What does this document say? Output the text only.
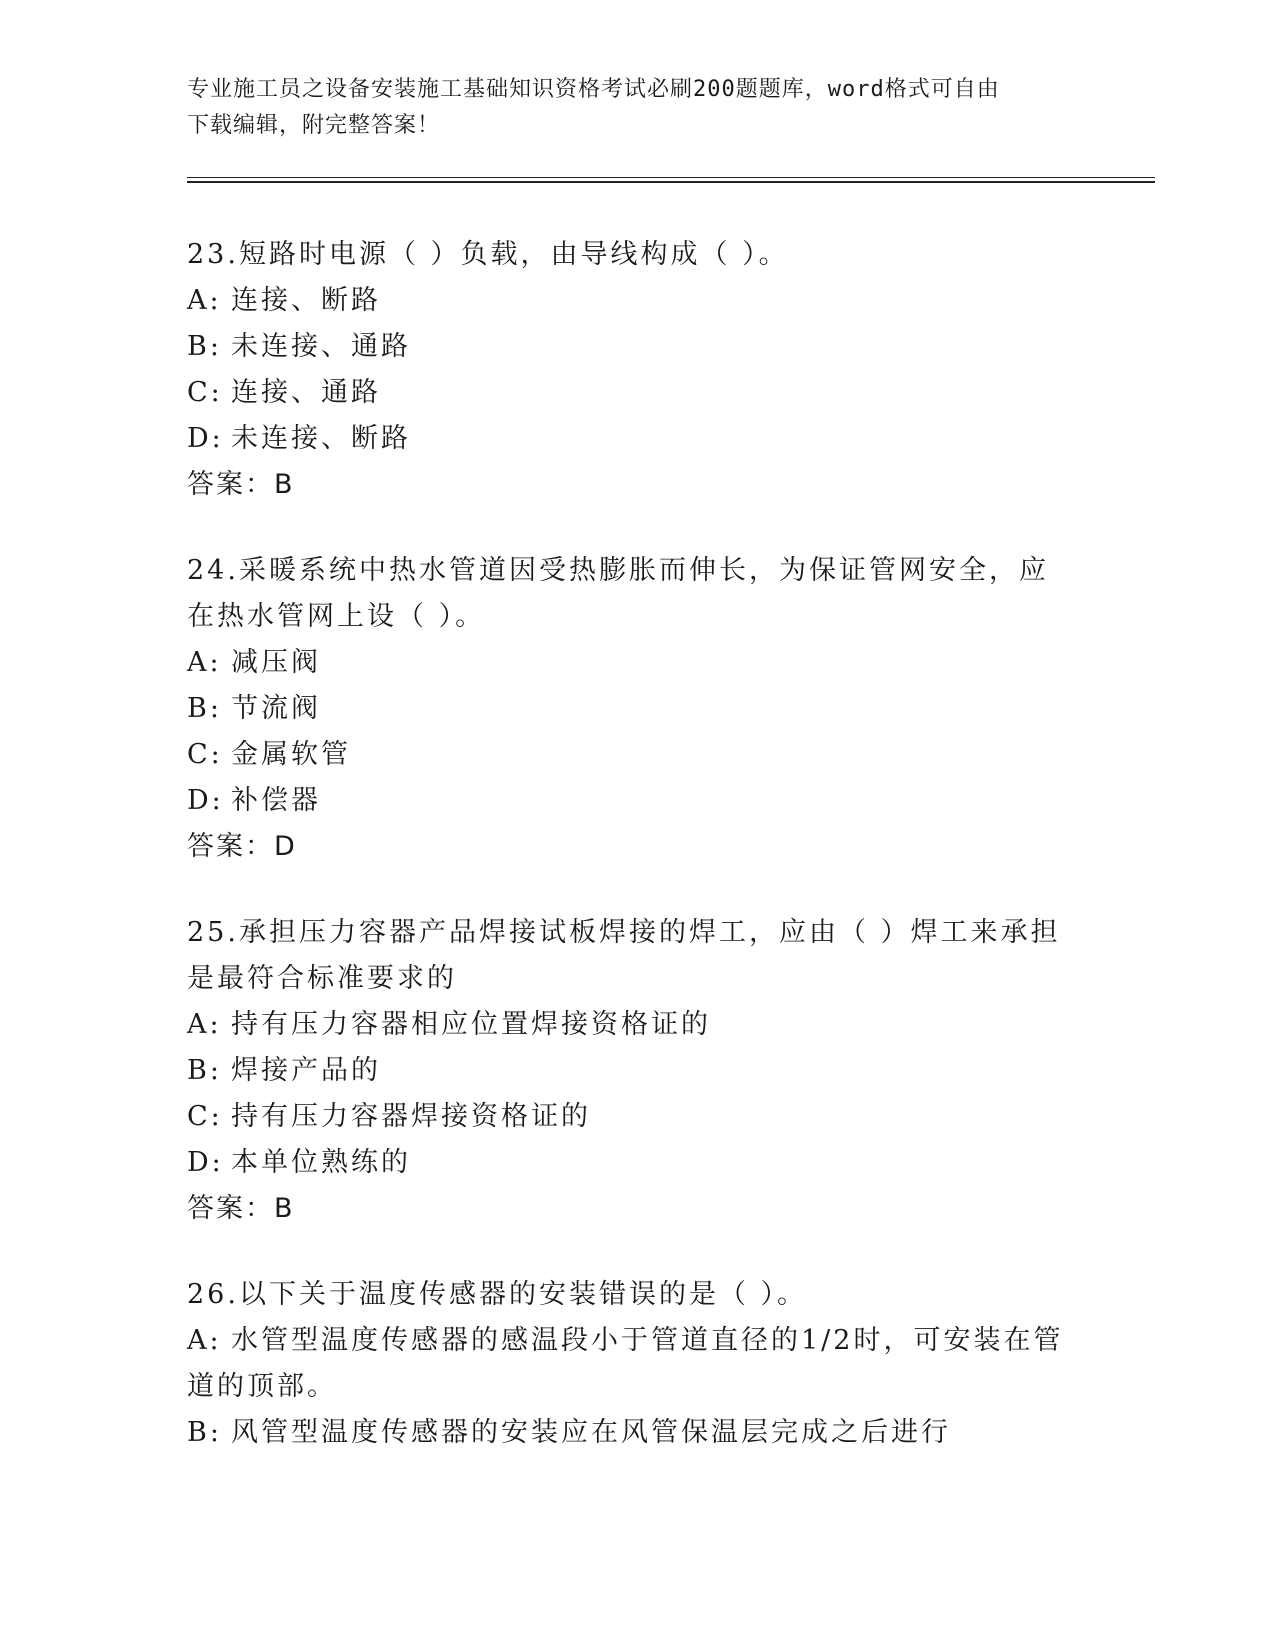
专业施工员之设备安装施工基础知识资格考试必刷200题题库，word格式可自由
下载编辑，附完整答案！
23.短路时电源（ ）负载，由导线构成（ ）。
A: 连接、断路
B: 未连接、通路
C: 连接、通路
D: 未连接、断路
答案：B
24.采暖系统中热水管道因受热膨胀而伸长，为保证管网安全，应在热水管网上设（ ）。
A: 减压阀
B: 节流阀
C: 金属软管
D: 补偿器
答案：D
25.承担压力容器产品焊接试板焊接的焊工，应由（ ）焊工来承担是最符合标准要求的
A: 持有压力容器相应位置焊接资格证的
B: 焊接产品的
C: 持有压力容器焊接资格证的
D: 本单位熟练的
答案：B
26.以下关于温度传感器的安装错误的是（ ）。
A: 水管型温度传感器的感温段小于管道直径的1/2时，可安装在管道的顶部。
B: 风管型温度传感器的安装应在风管保温层完成之后进行
